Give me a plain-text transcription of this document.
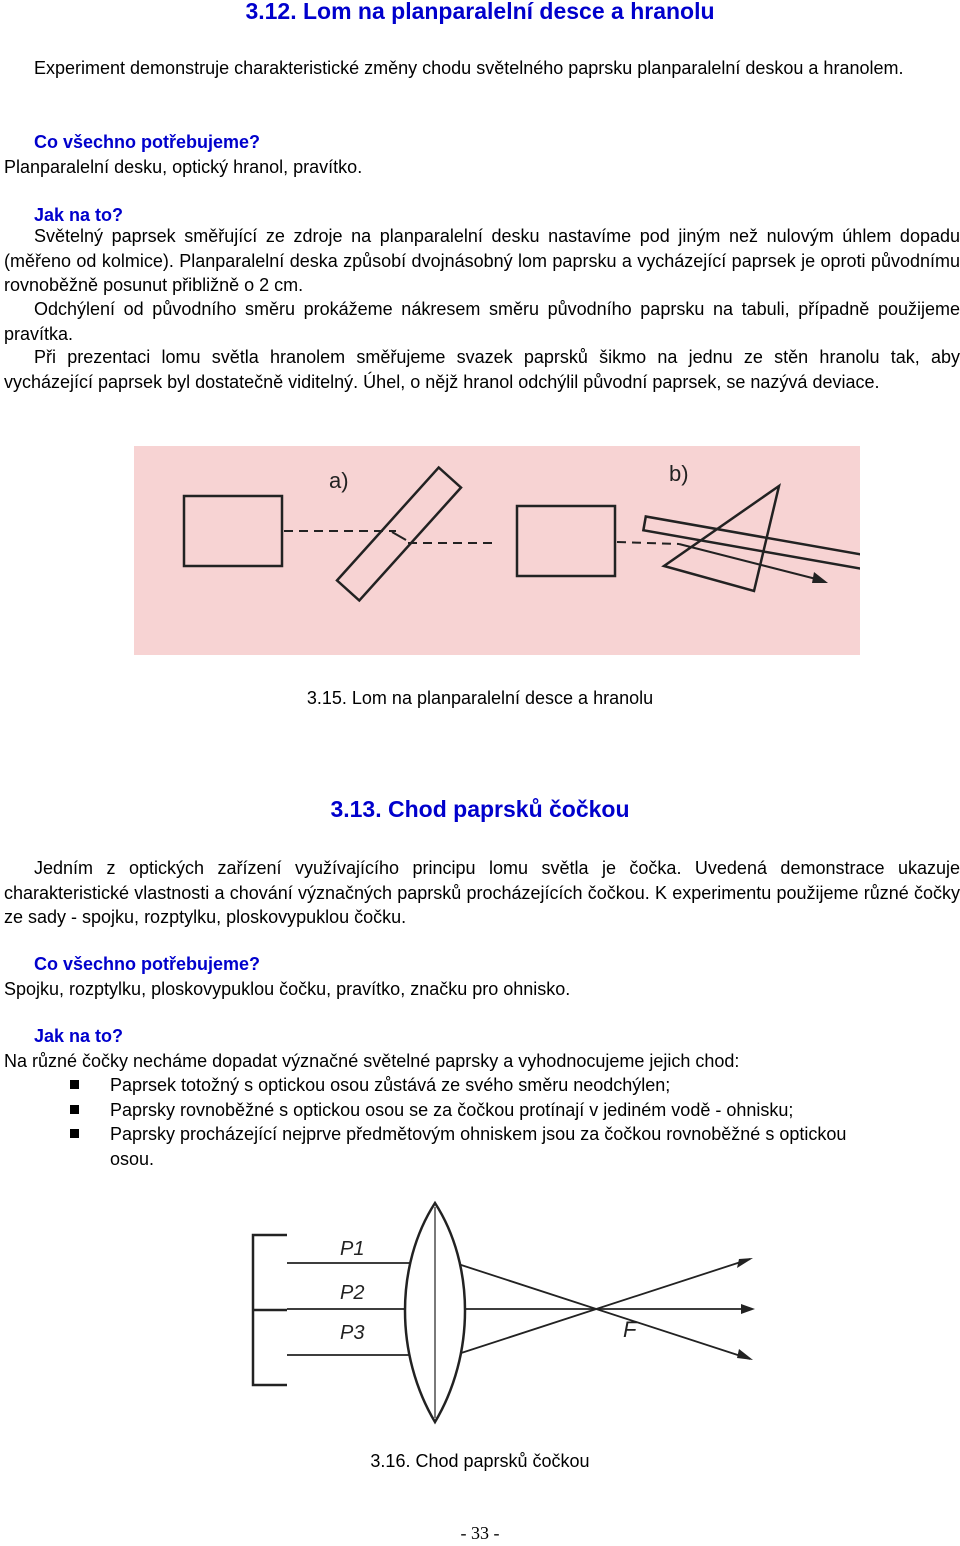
3.12. Lom na planparalelní desce a hranolu

Experiment demonstruje charakteristické změny chodu světelného paprsku planparalelní deskou a hranolem.

Co všechno potřebujeme?
Planparalelní desku, optický hranol, pravítko.

Jak na to?

Světelný paprsek směřující ze zdroje na planparalelní desku nastavíme pod jiným než nulovým úhlem dopadu (měřeno od kolmice). Planparalelní deska způsobí dvojnásobný lom paprsku a vycházející paprsek je oproti původnímu rovnoběžně posunut přibližně o 2 cm.

Odchýlení od původního směru prokážeme nákresem směru původního paprsku na tabuli, případně použijeme pravítka.

Při prezentaci lomu světla hranolem směřujeme svazek paprsků šikmo na jednu ze stěn hranolu tak, aby vycházející paprsek byl dostatečně viditelný. Úhel, o nějž hranol odchýlil původní paprsek, se nazývá deviace.

a)	b)
3.15. Lom na planparalelní desce a hranolu
3.13. Chod paprsků čočkou

Jedním z optických zařízení využívajícího principu lomu světla je čočka. Uvedená demonstrace ukazuje charakteristické vlastnosti a chování význačných paprsků procházejících čočkou. K experimentu použijeme různé čočky ze sady - spojku, rozptylku, ploskovypuklou čočku.

Co všechno potřebujeme?
Spojku, rozptylku, ploskovypuklou čočku, pravítko, značku pro ohnisko.

Jak na to?
Na různé čočky necháme dopadat význačné světelné paprsky a vyhodnocujeme jejich chod:

Paprsek totožný s optickou osou zůstává ze svého směru neodchýlen;
Paprsky rovnoběžné s optickou osou se za čočkou protínají v jediném vodě - ohnisku;
Paprsky procházející nejprve předmětovým ohniskem jsou za čočkou rovnoběžné s optickou osou.
P1
P2
P3	F
3.16. Chod paprsků čočkou
- 33 -
